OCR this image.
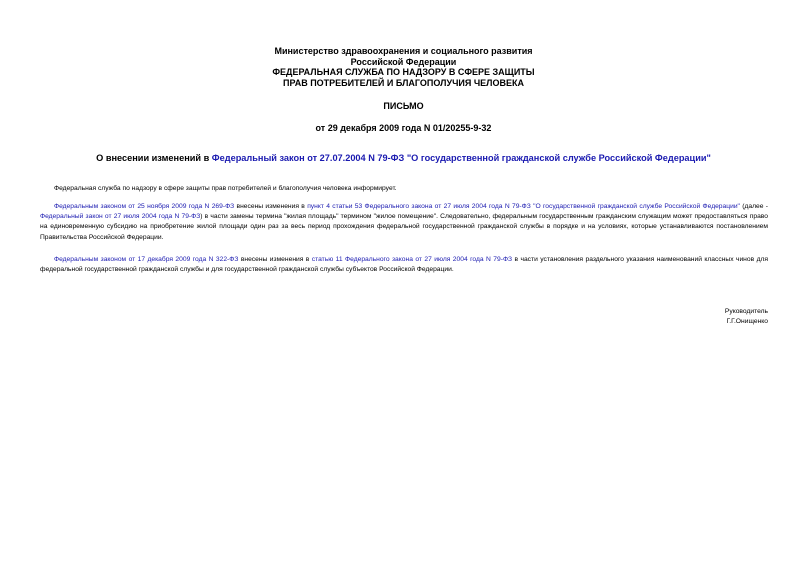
Министерство здравоохранения и социального развития
Российской Федерации
ФЕДЕРАЛЬНАЯ СЛУЖБА ПО НАДЗОРУ В СФЕРЕ ЗАЩИТЫ
ПРАВ ПОТРЕБИТЕЛЕЙ И БЛАГОПОЛУЧИЯ ЧЕЛОВЕКА
ПИСЬМО
от 29 декабря 2009 года N 01/20255-9-32
О внесении изменений в Федеральный закон от 27.07.2004 N 79-ФЗ "О государственной гражданской службе Российской Федерации"
Федеральная служба по надзору в сфере защиты прав потребителей и благополучия человека информирует.
Федеральным законом от 25 ноября 2009 года N 269-ФЗ внесены изменения в пункт 4 статьи 53 Федерального закона от 27 июля 2004 года N 79-ФЗ "О государственной гражданской службе Российской Федерации" (далее - Федеральный закон от 27 июля 2004 года N 79-ФЗ) в части замены термина "жилая площадь" термином "жилое помещение". Следовательно, федеральным государственным гражданским служащим может предоставляться право на единовременную субсидию на приобретение жилой площади один раз за весь период прохождения федеральной государственной гражданской службы в порядке и на условиях, которые устанавливаются постановлением Правительства Российской Федерации.
Федеральным законом от 17 декабря 2009 года N 322-ФЗ внесены изменения в статью 11 Федерального закона от 27 июля 2004 года N 79-ФЗ в части установления раздельного указания наименований классных чинов для федеральной государственной гражданской службы и для государственной гражданской службы субъектов Российской Федерации.
Руководитель
Г.Г.Онищенко
